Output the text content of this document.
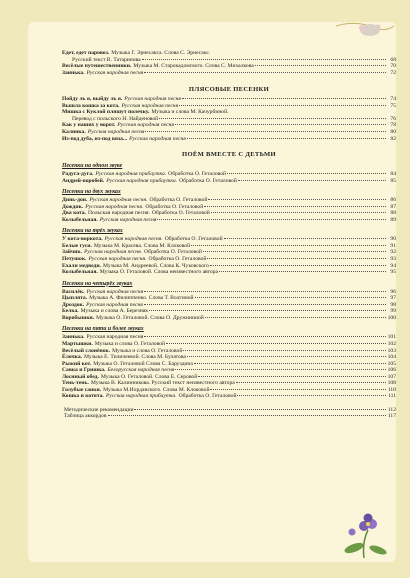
Едет, едет паровоз. Музыка Г. Эрнесакса. Слова С. Эрнесакс.
Русский текст В. Татаринова	68
Весёлые путешественники. Музыка М. Старокадомского. Слова С. Михалкова	70
Заинька. Русская народная песня	72
ПЛЯСОВЫЕ ПЕСЕНКИ
Пойду ль я, выйду ль я. Русская народная песня	74
Вышла кошка за кота. Русская народная песня	75
Мишка с Куклой пляшут полечку. Музыка и слова М. Качурбиной.
Перевод с польского Н. Найденовой	76
Как у наших у ворот. Русская народная песня	78
Калинка. Русская народная песня	80
Из-под дуба, из-под вяза... Русская народная песня	82
ПОЁМ ВМЕСТЕ С ДЕТЬМИ
Песенки на одном звуке
Радуга-дуга. Русская народная прибаутка. Обработка О. Геталовой	84
Андрей-воробей. Русская народная прибаутка. Обработка О. Геталовой	85
Песенки на двух звуках
Динь-дон. Русская народная песня. Обработка О. Геталовой	86
Дождик. Русская народная песня. Обработка О. Геталовой	87
Два кота. Польская народная песня. Обработка О. Геталовой	88
Колыбельная. Русская народная песня	89
Песенки на трёх звуках
У кота-воркота. Русская народная песня. Обработка О. Геталовой	90
Белые гуси. Музыка М. Красева. Слова М. Клоковой	91
Зайчик. Русская народная песня. Обработка О. Геталовой	92
Петушок. Русская народная песня. Обработка О. Геталовой	93
Ехали медведи. Музыка М. Андреевой. Слова К. Чуковского	94
Колыбельная. Музыка О. Геталовой. Слова неизвестного автора	95
Песенки на четырёх звуках
Василёк. Русская народная песня	96
Цыплята. Музыка А. Филиппенко. Слова Т. Волгиной	97
Дроздок. Русская народная песня	98
Белка. Музыка и слова А. Березняк	99
Воробышки. Музыка О. Геталовой. Слова О. Дружининой	100
Песенки на пяти и более звуках
Заинька. Русская народная песня	101
Мартышки. Музыка и слова О. Геталовой	102
Весёлый слонёнок. Музыка и слова О. Геталовой	103
Ёлочка. Музыка Е. Тиличеевой. Слова М. Булатова	104
Рыжий кот. Музыка О. Геталовой Слова С. Баруздина	105
Савка и Гришка. Белорусская народная песня	106
Лосиный обед. Музыка О. Геталовой. Слова Е. Серовой	107
Тень-тень. Музыка В. Калинникова. Русский текст неизвестного автора	108
Голубые санки. Музыка М.Иорданского. Слова М. Клоковой	110
Кошка и котята. Русская народная прибаутка. Обработка О. Геталовой	111
Методические рекомендации	112
Таблица аккордов	117
